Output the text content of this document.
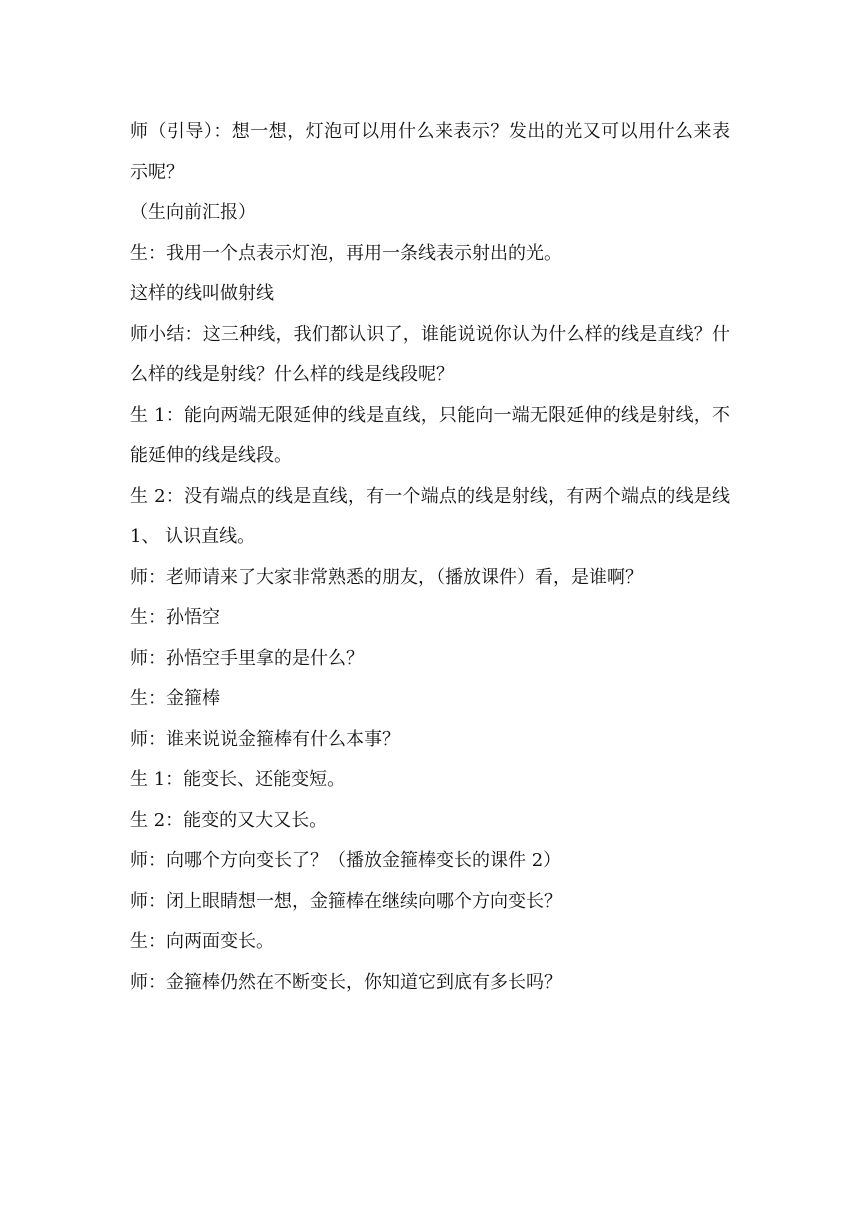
师（引导）：想一想，灯泡可以用什么来表示？发出的光又可以用什么来表示呢？

（生向前汇报）

生：我用一个点表示灯泡，再用一条线表示射出的光。

这样的线叫做射线

师小结：这三种线，我们都认识了，谁能说说你认为什么样的线是直线？什么样的线是射线？什么样的线是线段呢？

生 1：能向两端无限延伸的线是直线，只能向一端无限延伸的线是射线，不能延伸的线是线段。

生 2：没有端点的线是直线，有一个端点的线是射线，有两个端点的线是线 1、 认识直线。

师：老师请来了大家非常熟悉的朋友，（播放课件）看，是谁啊？

生：孙悟空

师：孙悟空手里拿的是什么？

生：金箍棒

师：谁来说说金箍棒有什么本事？

生 1：能变长、还能变短。

生 2：能变的又大又长。

师：向哪个方向变长了？（播放金箍棒变长的课件 2）

师：闭上眼睛想一想，金箍棒在继续向哪个方向变长？

生：向两面变长。

师：金箍棒仍然在不断变长，你知道它到底有多长吗？
